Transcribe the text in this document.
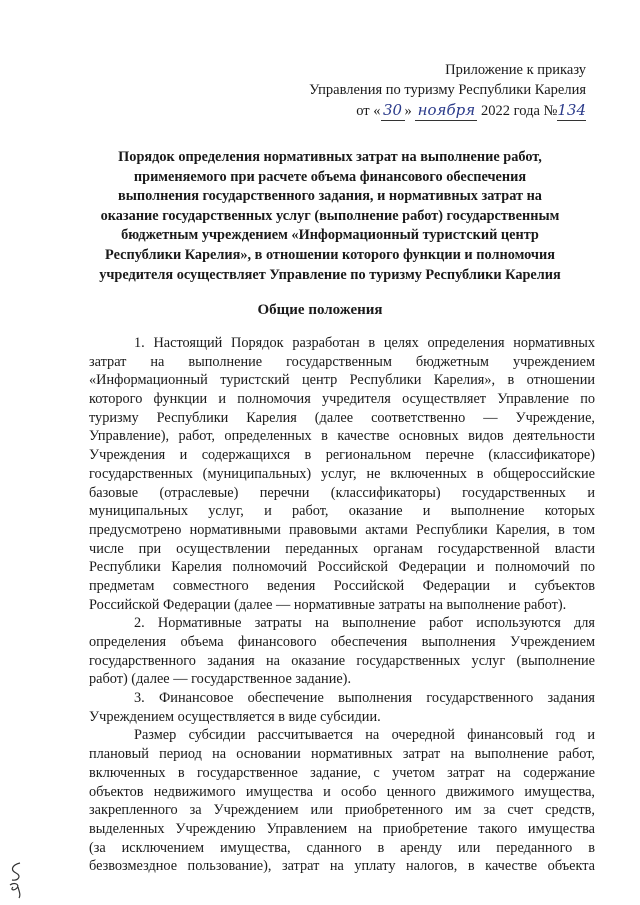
Приложение к приказу
Управления по туризму Республики Карелия
от « 30 » ноября 2022 года №134
Порядок определения нормативных затрат на выполнение работ,
применяемого при расчете объема финансового обеспечения
выполнения государственного задания, и нормативных затрат на
оказание государственных услуг (выполнение работ) государственным
бюджетным учреждением «Информационный туристский центр
Республики Карелия», в отношении которого функции и полномочия
учредителя осуществляет Управление по туризму Республики Карелия
Общие положения
1. Настоящий Порядок разработан в целях определения нормативных
затрат на выполнение государственным бюджетным учреждением
«Информационный туристский центр Республики Карелия», в отношении
которого функции и полномочия учредителя осуществляет Управление по
туризму Республики Карелия (далее соответственно — Учреждение,
Управление), работ, определенных в качестве основных видов деятельности
Учреждения и содержащихся в региональном перечне (классификаторе)
государственных (муниципальных) услуг, не включенных в общероссийские
базовые (отраслевые) перечни (классификаторы) государственных и
муниципальных услуг, и работ, оказание и выполнение которых
предусмотрено нормативными правовыми актами Республики Карелия, в том
числе при осуществлении переданных органам государственной власти
Республики Карелия полномочий Российской Федерации и полномочий по
предметам совместного ведения Российской Федерации и субъектов
Российской Федерации (далее — нормативные затраты на выполнение работ).
2. Нормативные затраты на выполнение работ используются для
определения объема финансового обеспечения выполнения Учреждением
государственного задания на оказание государственных услуг (выполнение
работ) (далее — государственное задание).
3. Финансовое обеспечение выполнения государственного задания
Учреждением осуществляется в виде субсидии.
Размер субсидии рассчитывается на очередной финансовый год и
плановый период на основании нормативных затрат на выполнение работ,
включенных в государственное задание, с учетом затрат на содержание
объектов недвижимого имущества и особо ценного движимого имущества,
закрепленного за Учреждением или приобретенного им за счет средств,
выделенных Учреждению Управлением на приобретение такого имущества
(за исключением имущества, сданного в аренду или переданного в
безвозмездное пользование), затрат на уплату налогов, в качестве объекта
